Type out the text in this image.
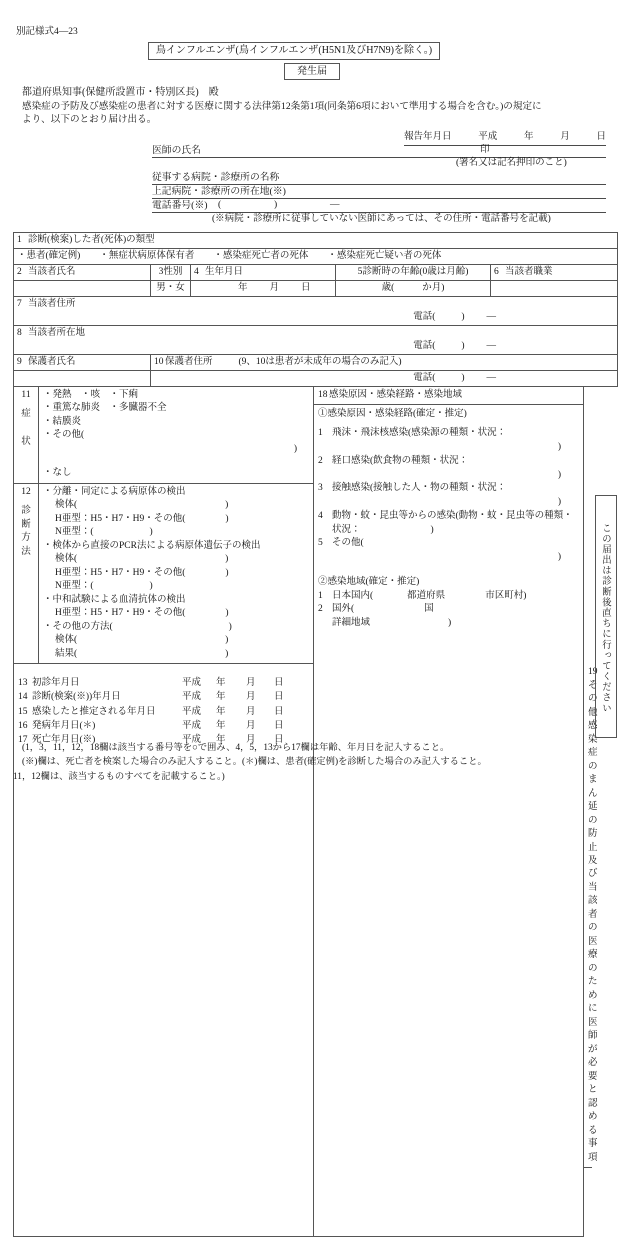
別記様式4—23
鳥インフルエンザ(鳥インフルエンザ(H5N1及びH7N9)を除く。)
発生届
都道府県知事(保健所設置市・特別区長)　殿
感染症の予防及び感染症の患者に対する医療に関する法律第12条第1項(同条第6項において準用する場合を含む。)の規定に
より、以下のとおり届け出る。
報告年月日	平成	年	月	日
医師の氏名	印
(署名又は記名押印のこと)
従事する病院・診療所の名称
上記病院・診療所の所在地(※)
電話番号(※) (	)	—
(※病院・診療所に従事していない医師にあっては、その住所・電話番号を記載)
1 診断(検案)した者(死体)の類型				
・患者(確定例)　　・無症状病原体保有者　　・感染症死亡者の死体　　・感染症死亡疑い者の死体				
2 当該者氏名	3性別	4 生年月日	5診断時の年齢(0歳は月齢)	6 当該者職業
	男・女	年 月 日	歳( か月)	
7 当該者住所
電話( ) —				

8 当該者所在地
電話( ) —				

9 保護者氏名	10 保護者住所 (9、10は患者が未成年の場合のみ記入)			

	電話( ) —			
11
症
状

・発熱　・咳　・下痢
・重篤な肺炎　・多臓器不全
・結膜炎
・その他(
)
・なし

18 感染原因・感染経路・感染地域
①感染原因・感染経路(確定・推定)
1 飛沫・飛沫核感染(感染源の種類・状況：
)
2 経口感染(飲食物の種類・状況：
)
3 接触感染(接触した人・物の種類・状況：
)
4 動物・蚊・昆虫等からの感染(動物・蚊・昆虫等の種類・
状況：	)
5 その他(
)
②感染地域(確定・推定)
1 日本国内(	都道府県	市区町村)
2 国外(	国
詳細地域	)

12
診
断
方
法

・分離・同定による病原体の検出
検体(	)
H亜型：H5・H7・H9・その他(	)
N亜型：(	)
・検体から直接のPCR法による病原体遺伝子の検出
検体(	)
H亜型：H5・H7・H9・その他(	)
N亜型：(	)
・中和試験による血清抗体の検出
H亜型：H5・H7・H9・その他(	)
・その他の方法(	)
検体(	)
結果(	)

13 初診年月日	平成	年	月	日
14 診断(検案(※))年月日	平成	年	月	日
15 感染したと推定される年月日	平成	年	月	日
16 発病年月日(＊)	平成	年	月	日
17 死亡年月日(※)	平成	年	月	日

19その他感染症のまん延の防止及び当該者の医療のた
めに医師が必要と認める事項

この届出は診断後直ちに行ってください
(1，3，11，12，18欄は該当する番号等を○で囲み、4，5，13から17欄は年齢、年月日を記入すること。
(※)欄は、死亡者を検案した場合のみ記入すること。(＊)欄は、患者(確定例)を診断した場合のみ記入すること。
11，12欄は、該当するものすべてを記載すること。)
